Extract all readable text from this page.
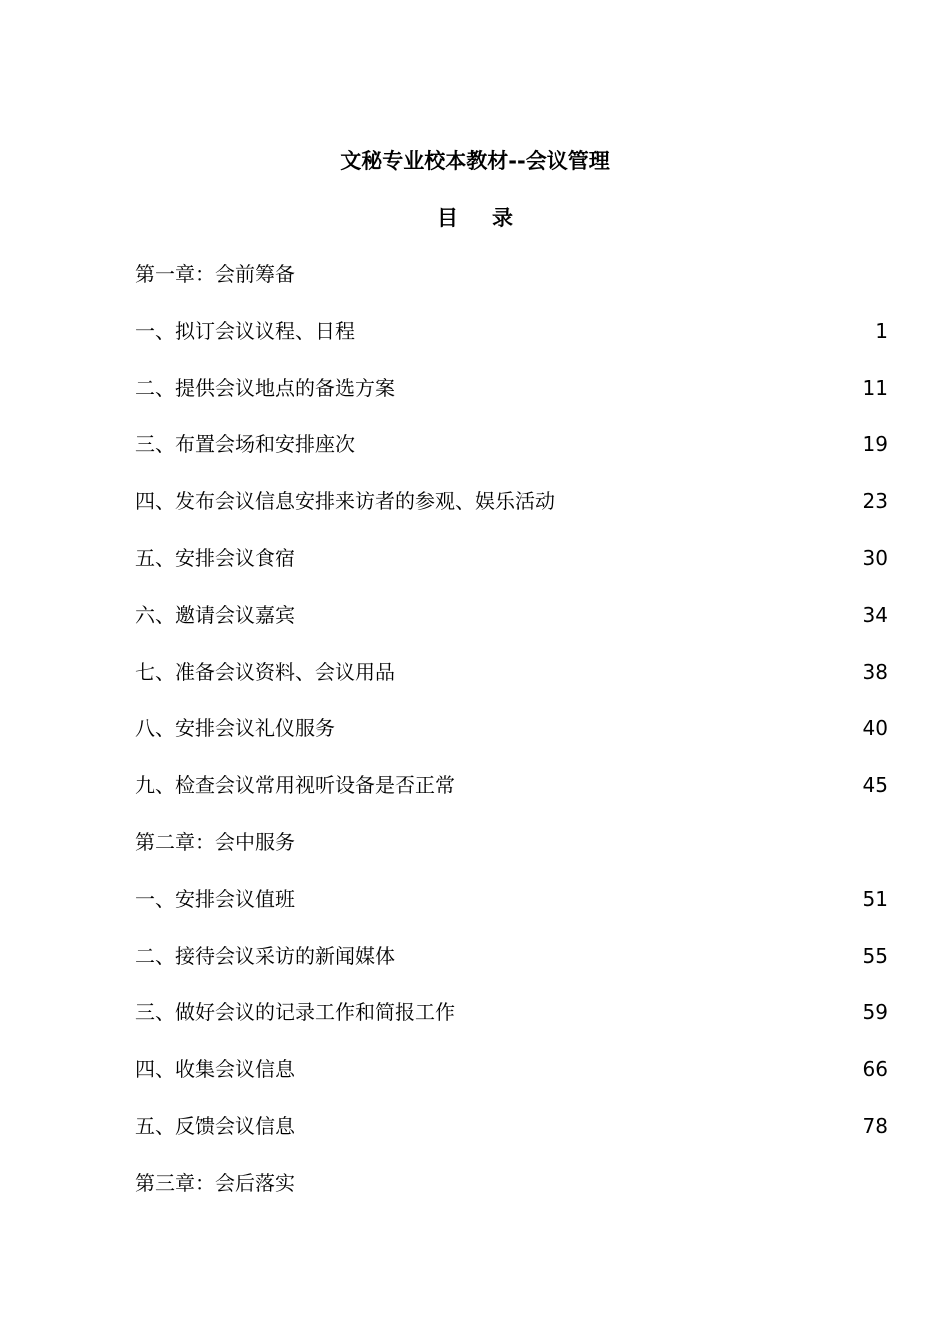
文秘专业校本教材--会议管理
目 录
第一章：会前筹备
一、拟订会议议程、日程	1
二、提供会议地点的备选方案	11
三、布置会场和安排座次	19
四、发布会议信息安排来访者的参观、娱乐活动	23
五、安排会议食宿	30
六、邀请会议嘉宾	34
七、准备会议资料、会议用品	38
八、安排会议礼仪服务	40
九、检查会议常用视听设备是否正常	45
第二章：会中服务
一、安排会议值班	51
二、接待会议采访的新闻媒体	55
三、做好会议的记录工作和简报工作	59
四、收集会议信息	66
五、反馈会议信息	78
第三章：会后落实
